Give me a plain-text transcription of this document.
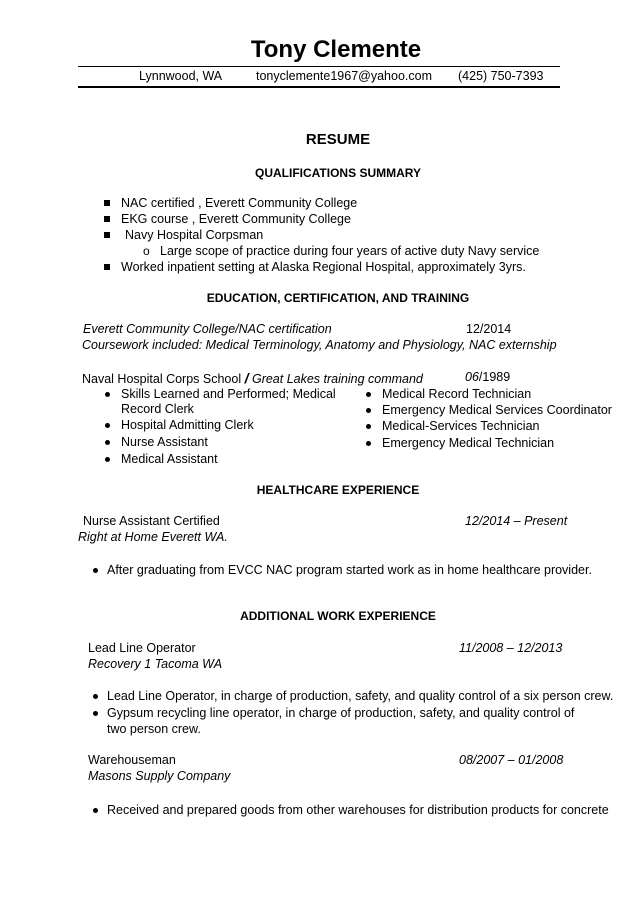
Tony Clemente
Lynnwood, WA	tonyclemente1967@yahoo.com (425) 750-7393
RESUME
QUALIFICATIONS SUMMARY
NAC certified , Everett Community College
EKG course , Everett Community College
Navy Hospital Corpsman
o Large scope of practice during four years of active duty Navy service
Worked inpatient setting at Alaska Regional Hospital, approximately 3yrs.
EDUCATION, CERTIFICATION, AND TRAINING
Everett Community College/NAC certification	12/2014
Coursework included: Medical Terminology, Anatomy and Physiology, NAC externship
Naval Hospital Corps School / Great Lakes training command	06/1989
Skills Learned and Performed; Medical
Record Clerk
Hospital Admitting Clerk
Nurse Assistant
Medical Assistant
Medical Record Technician
Emergency Medical Services Coordinator
Medical-Services Technician
Emergency Medical Technician
HEALTHCARE EXPERIENCE
Nurse Assistant Certified	12/2014 – Present
Right at Home Everett WA.
After graduating from EVCC NAC program started work as in home healthcare provider.
ADDITIONAL WORK EXPERIENCE
Lead Line Operator	11/2008 – 12/2013
Recovery 1 Tacoma WA
Lead Line Operator, in charge of production, safety, and quality control of a six person crew.
Gypsum recycling line operator, in charge of production, safety, and quality control of
two person crew.
Warehouseman	08/2007 – 01/2008
Masons Supply Company
Received and prepared goods from other warehouses for distribution products for concrete
